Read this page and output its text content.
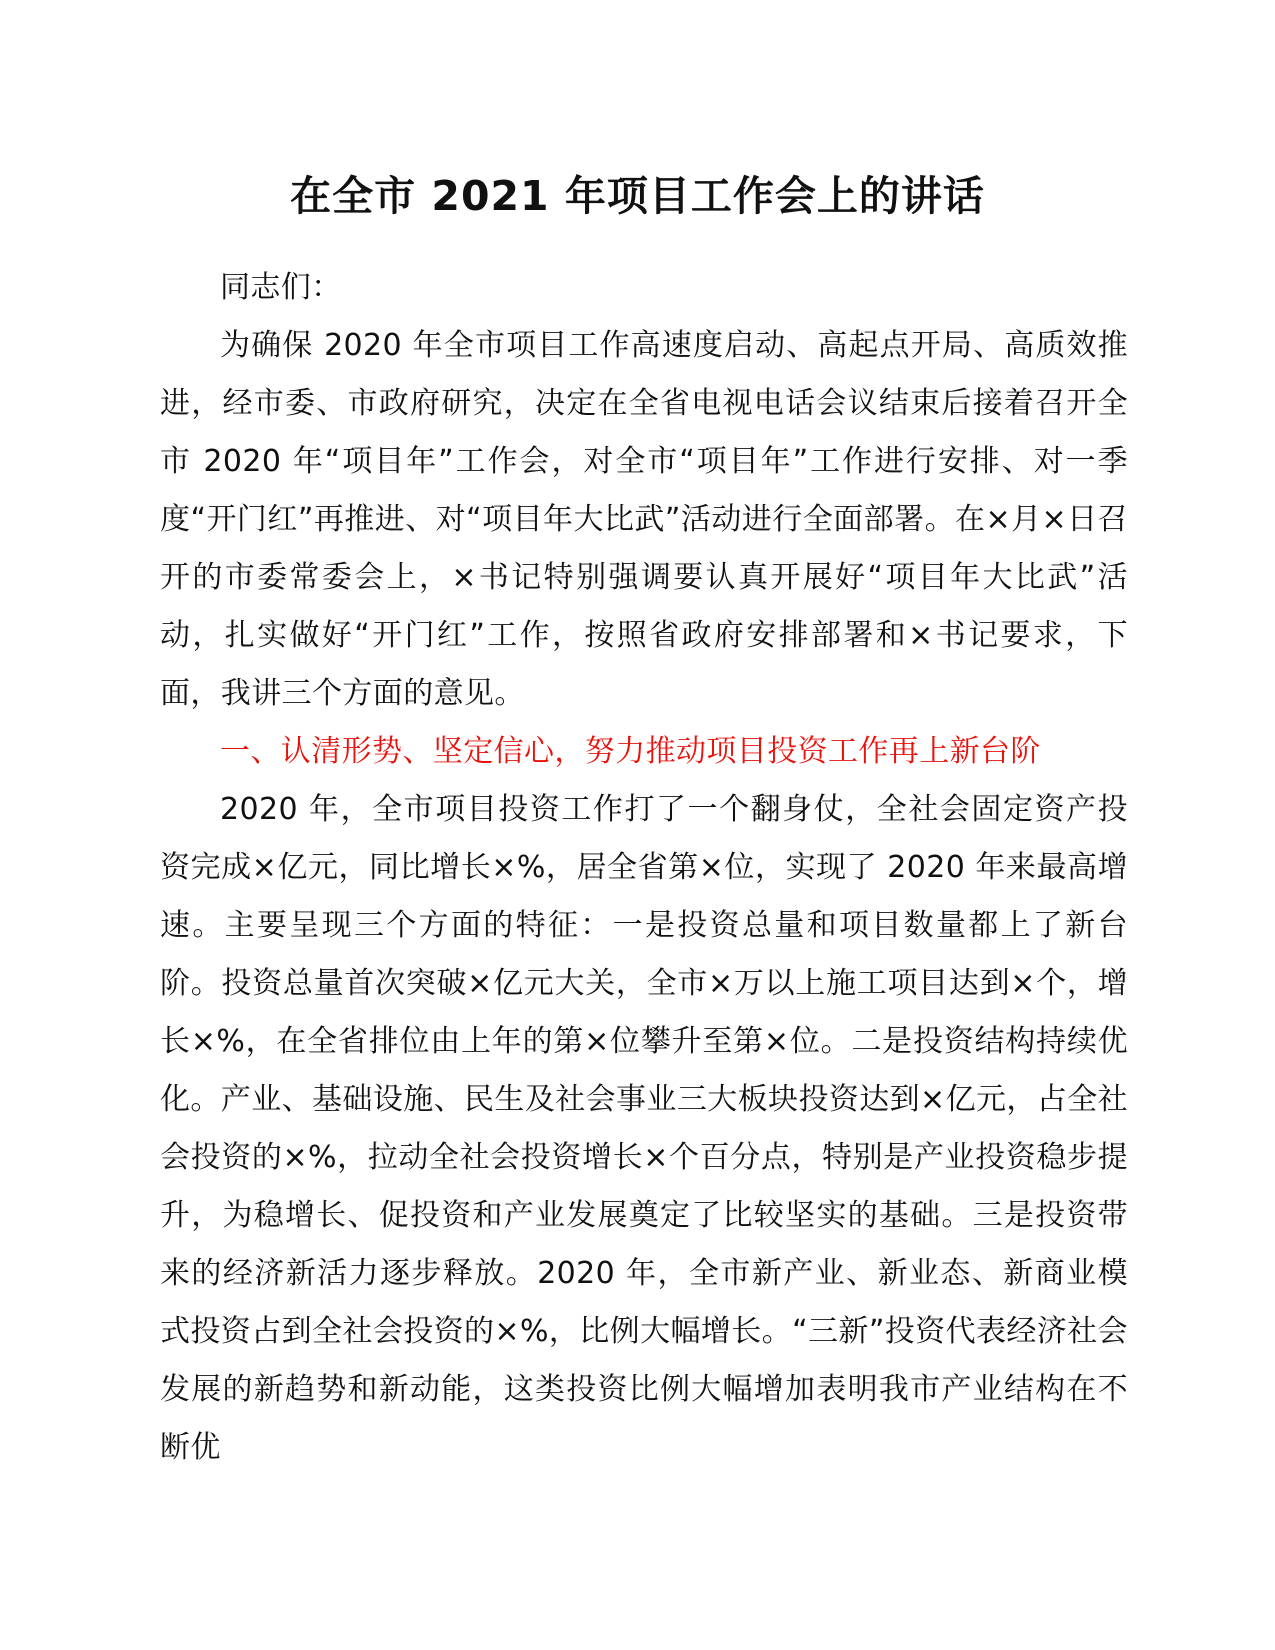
在全市 2021 年项目工作会上的讲话

同志们：

为确保 2020 年全市项目工作高速度启动、高起点开局、高质效推进，经市委、市政府研究，决定在全省电视电话会议结束后接着召开全市 2020 年“项目年”工作会，对全市“项目年”工作进行安排、对一季度“开门红”再推进、对“项目年大比武”活动进行全面部署。在×月×日召开的市委常委会上，×书记特别强调要认真开展好“项目年大比武”活动，扎实做好“开门红”工作，按照省政府安排部署和×书记要求，下面，我讲三个方面的意见。

一、认清形势、坚定信心，努力推动项目投资工作再上新台阶

2020 年，全市项目投资工作打了一个翻身仗，全社会固定资产投资完成×亿元，同比增长×%，居全省第×位，实现了 2020 年来最高增速。主要呈现三个方面的特征：一是投资总量和项目数量都上了新台阶。投资总量首次突破×亿元大关，全市×万以上施工项目达到×个，增长×%，在全省排位由上年的第×位攀升至第×位。二是投资结构持续优化。产业、基础设施、民生及社会事业三大板块投资达到×亿元，占全社会投资的×%，拉动全社会投资增长×个百分点，特别是产业投资稳步提升，为稳增长、促投资和产业发展奠定了比较坚实的基础。三是投资带来的经济新活力逐步释放。2020 年，全市新产业、新业态、新商业模式投资占到全社会投资的×%，比例大幅增长。“三新”投资代表经济社会发展的新趋势和新动能，这类投资比例大幅增加表明我市产业结构在不断优
